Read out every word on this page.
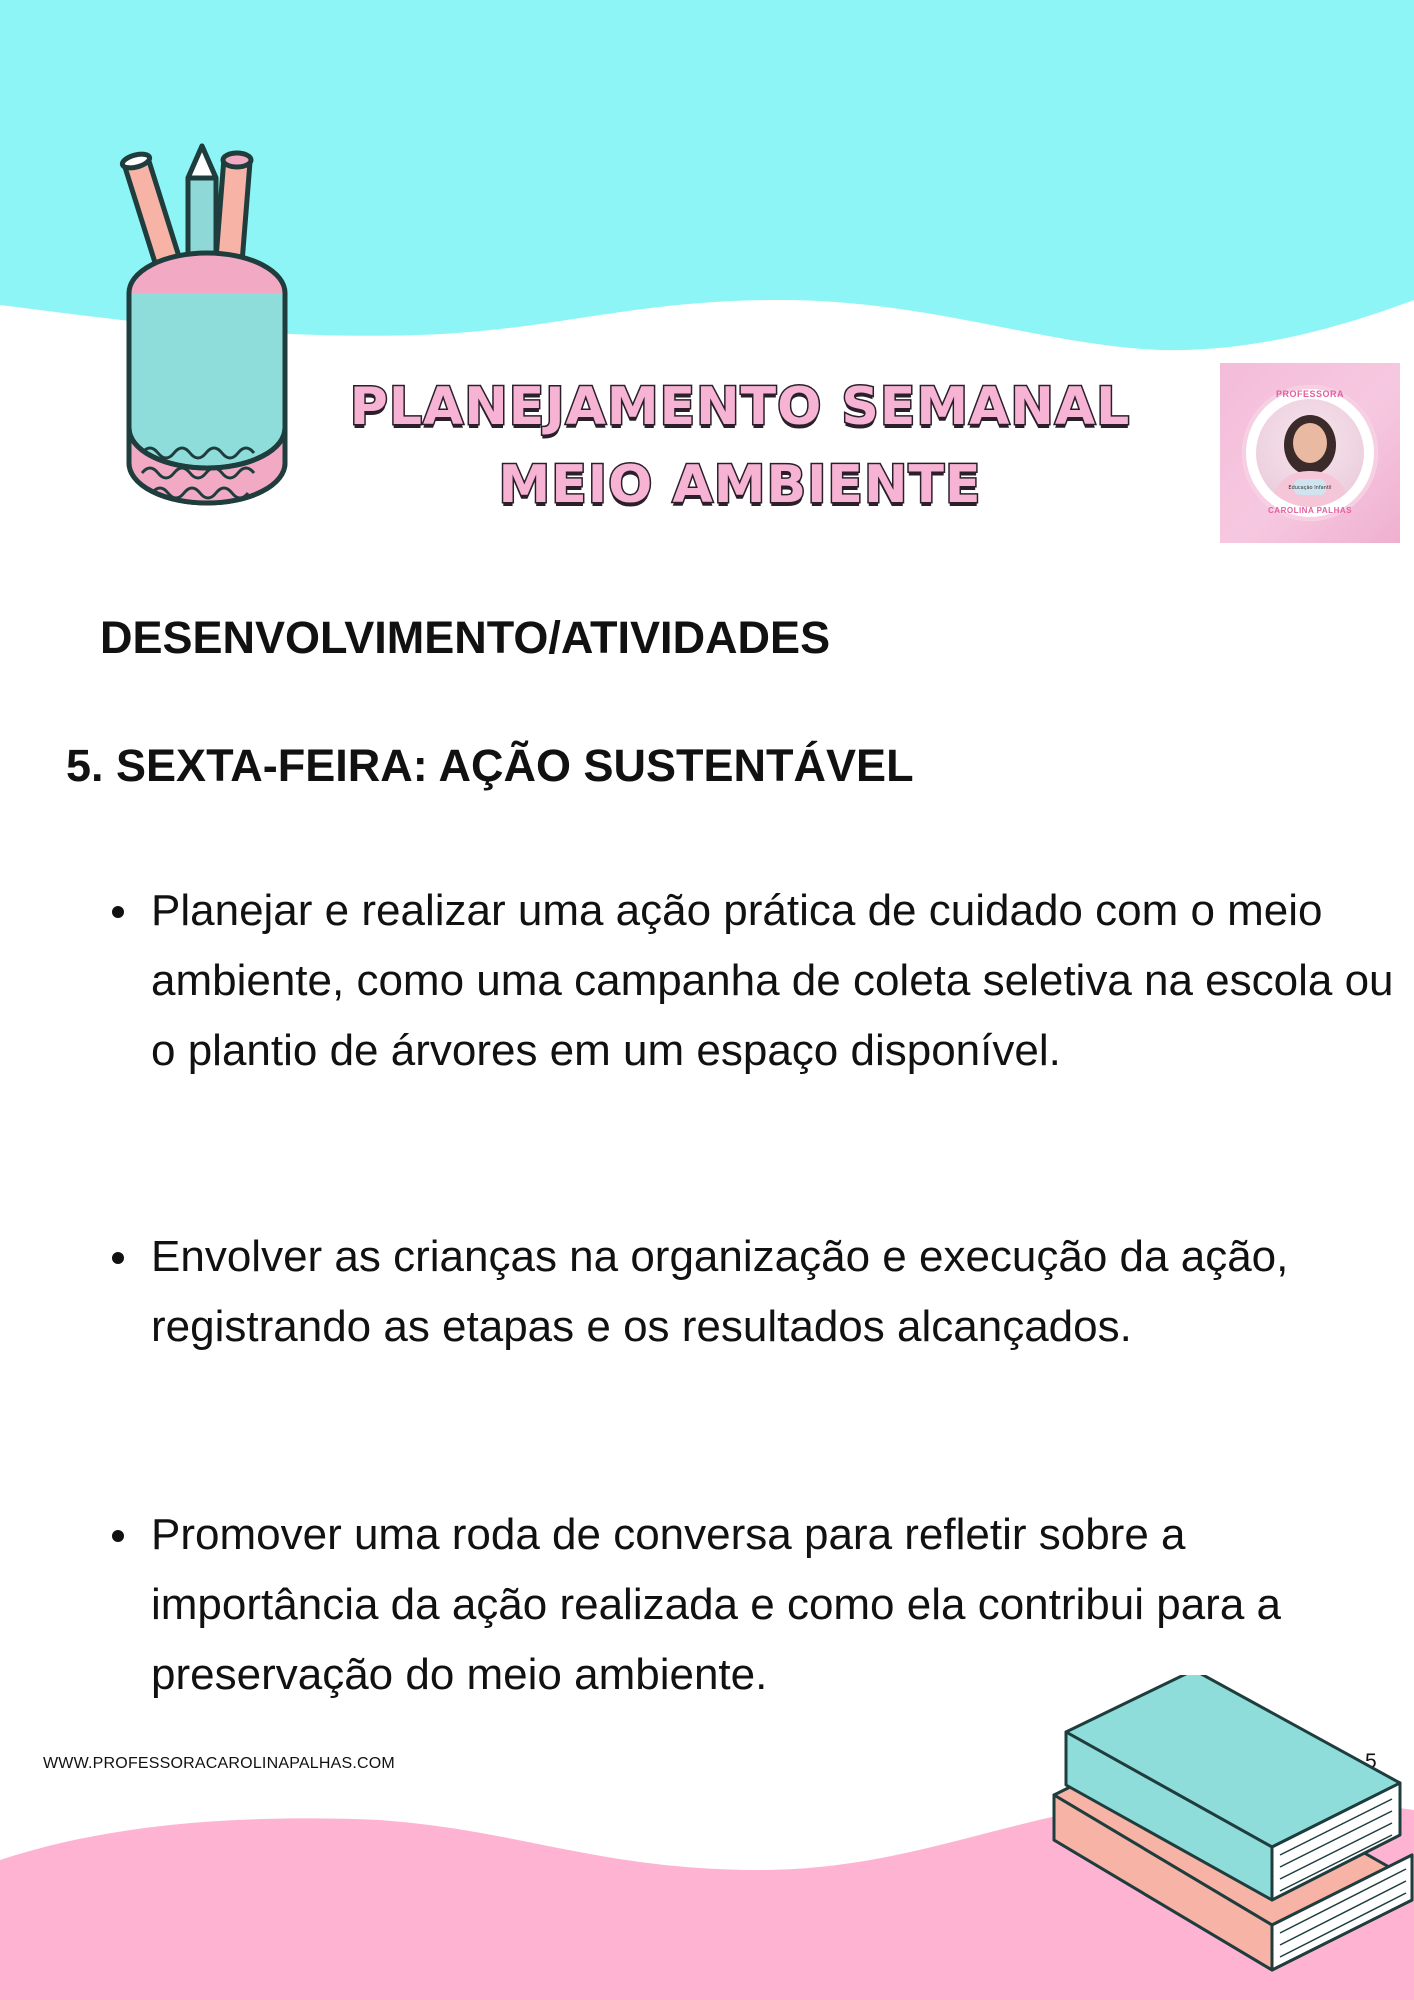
PLANEJAMENTO SEMANAL
MEIO AMBIENTE
PROFESSORA
Educação Infantil
CAROLINA PALHAS
DESENVOLVIMENTO/ATIVIDADES
5. SEXTA-FEIRA: AÇÃO SUSTENTÁVEL
Planejar e realizar uma ação prática de cuidado com o meio ambiente, como uma campanha de coleta seletiva na escola ou o plantio de árvores em um espaço disponível.
Envolver as crianças na organização e execução da ação, registrando as etapas e os resultados alcançados.
Promover uma roda de conversa para refletir sobre a importância da ação realizada e como ela contribui para a preservação do meio ambiente.
WWW.PROFESSORACAROLINAPALHAS.COM	5
